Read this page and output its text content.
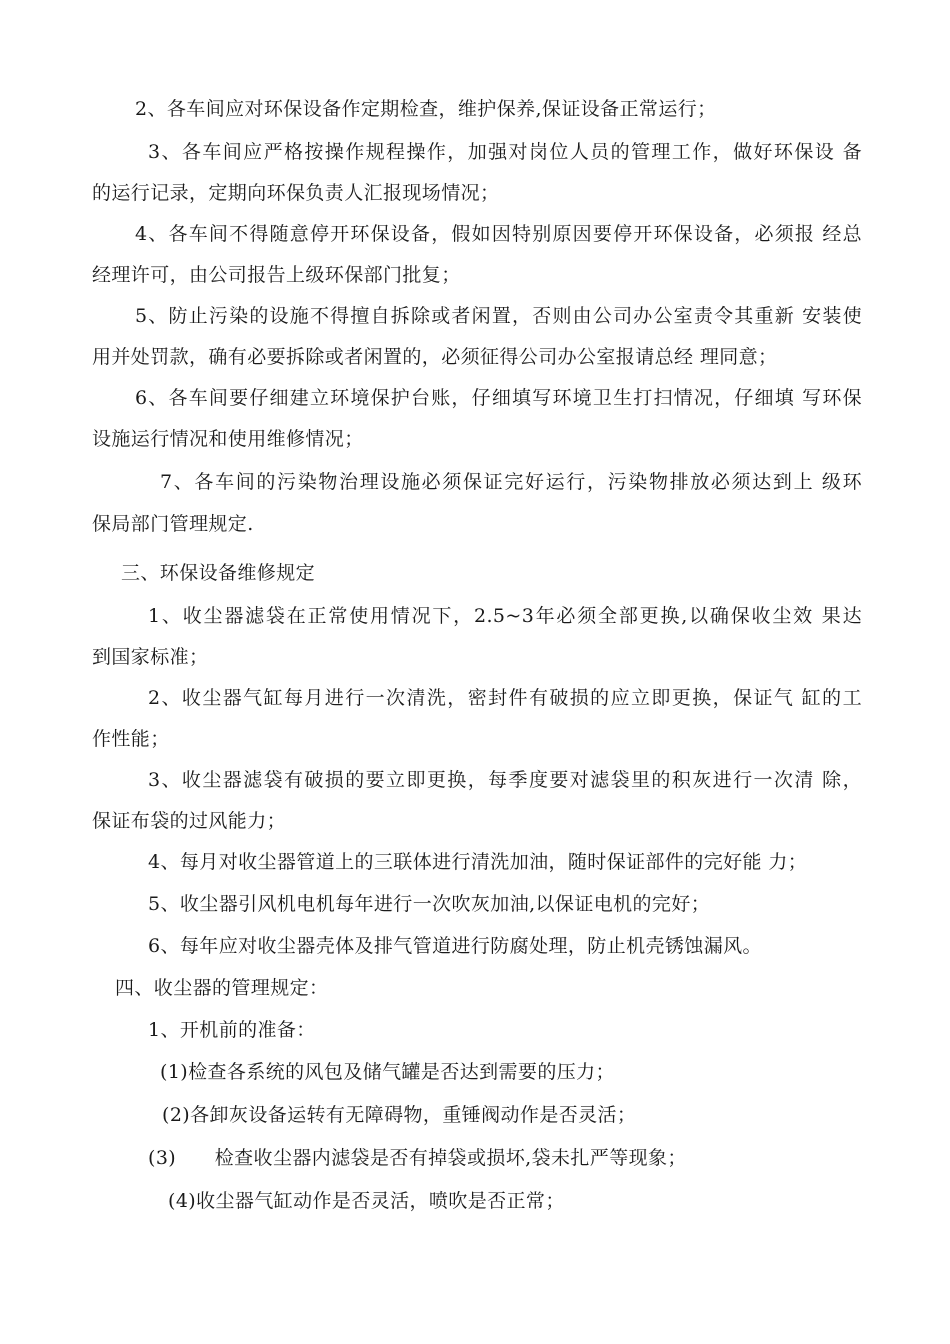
2、各车间应对环保设备作定期检查，维护保养,保证设备正常运行；
3、各车间应严格按操作规程操作，加强对岗位人员的管理工作，做好环保设 备
的运行记录，定期向环保负责人汇报现场情况；
4、各车间不得随意停开环保设备，假如因特别原因要停开环保设备，必须报 经总
经理许可，由公司报告上级环保部门批复；
5、防止污染的设施不得擅自拆除或者闲置，否则由公司办公室责令其重新 安装使
用并处罚款，确有必要拆除或者闲置的，必须征得公司办公室报请总经 理同意；
6、各车间要仔细建立环境保护台账，仔细填写环境卫生打扫情况，仔细填 写环保
设施运行情况和使用维修情况；
7、各车间的污染物治理设施必须保证完好运行，污染物排放必须达到上 级环
保局部门管理规定.
三、环保设备维修规定
1、收尘器滤袋在正常使用情况下，2.5~3年必须全部更换,以确保收尘效 果达
到国家标准；
2、收尘器气缸每月进行一次清洗，密封件有破损的应立即更换，保证气 缸的工
作性能；
3、收尘器滤袋有破损的要立即更换，每季度要对滤袋里的积灰进行一次清 除，
保证布袋的过风能力；
4、每月对收尘器管道上的三联体进行清洗加油，随时保证部件的完好能 力；
5、收尘器引风机电机每年进行一次吹灰加油,以保证电机的完好；
6、每年应对收尘器壳体及排气管道进行防腐处理，防止机壳锈蚀漏风。
四、收尘器的管理规定：
1、开机前的准备：
(1)检查各系统的风包及储气罐是否达到需要的压力；
(2)各卸灰设备运转有无障碍物，重锤阀动作是否灵活；
(3)      检查收尘器内滤袋是否有掉袋或损坏,袋未扎严等现象；
(4)收尘器气缸动作是否灵活，喷吹是否正常；
